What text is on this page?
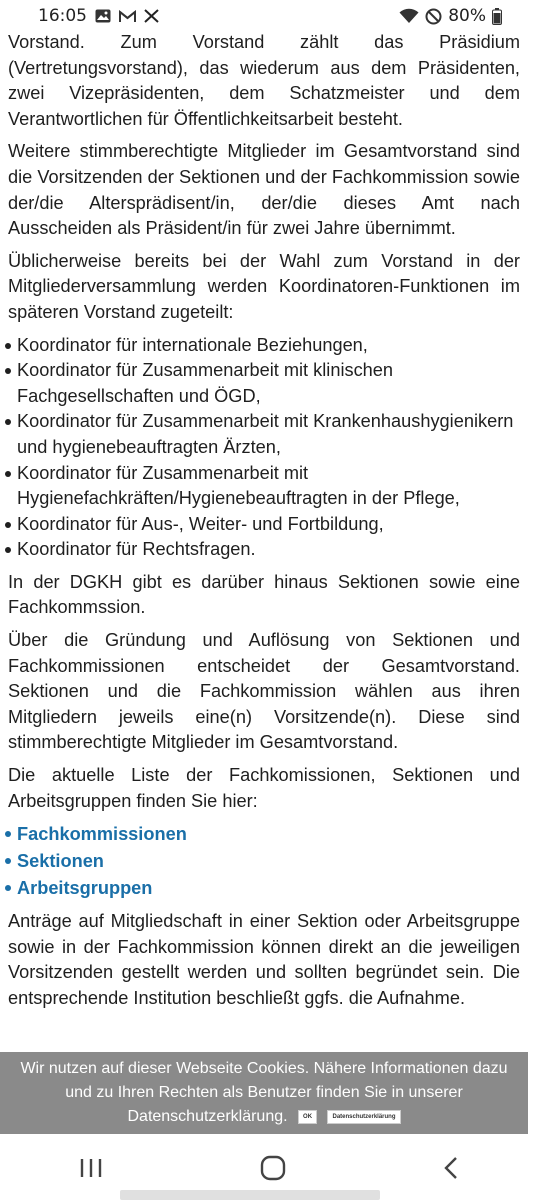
16:05	80%

Vorstand. Zum Vorstand zählt das Präsidium (Vertretungsvorstand), das wiederum aus dem Präsidenten, zwei Vizepräsidenten, dem Schatzmeister und dem Verantwortlichen für Öffentlichkeitsarbeit besteht.

Weitere stimmberechtigte Mitglieder im Gesamtvorstand sind die Vorsitzenden der Sektionen und der Fachkommission sowie der/die Altersprädisent/in, der/die dieses Amt nach Ausscheiden als Präsident/in für zwei Jahre übernimmt.

Üblicherweise bereits bei der Wahl zum Vorstand in der Mitgliederversammlung werden Koordinatoren-Funktionen im späteren Vorstand zugeteilt:

Koordinator für internationale Beziehungen,
Koordinator für Zusammenarbeit mit klinischen Fachgesellschaften und ÖGD,
Koordinator für Zusammenarbeit mit Krankenhaushygienikern und hygienebeauftragten Ärzten,
Koordinator für Zusammenarbeit mit Hygienefachkräften/Hygienebeauftragten in der Pflege,
Koordinator für Aus-, Weiter- und Fortbildung,
Koordinator für Rechtsfragen.

In der DGKH gibt es darüber hinaus Sektionen sowie eine Fachkommssion.

Über die Gründung und Auflösung von Sektionen und Fachkommissionen entscheidet der Gesamtvorstand. Sektionen und die Fachkommission wählen aus ihren Mitgliedern jeweils eine(n) Vorsitzende(n). Diese sind stimmberechtigte Mitglieder im Gesamtvorstand.

Die aktuelle Liste der Fachkomissionen, Sektionen und Arbeitsgruppen finden Sie hier:

Fachkommissionen
Sektionen
Arbeitsgruppen

Anträge auf Mitgliedschaft in einer Sektion oder Arbeitsgruppe sowie in der Fachkommission können direkt an die jeweiligen Vorsitzenden gestellt werden und sollten begründet sein. Die entsprechende Institution beschließt ggfs. die Aufnahme.

Wir nutzen auf dieser Webseite Cookies. Nähere Informationen dazu und zu Ihren Rechten als Benutzer finden Sie in unserer Datenschutzerklärung.	OK	Datenschutzerklärung
